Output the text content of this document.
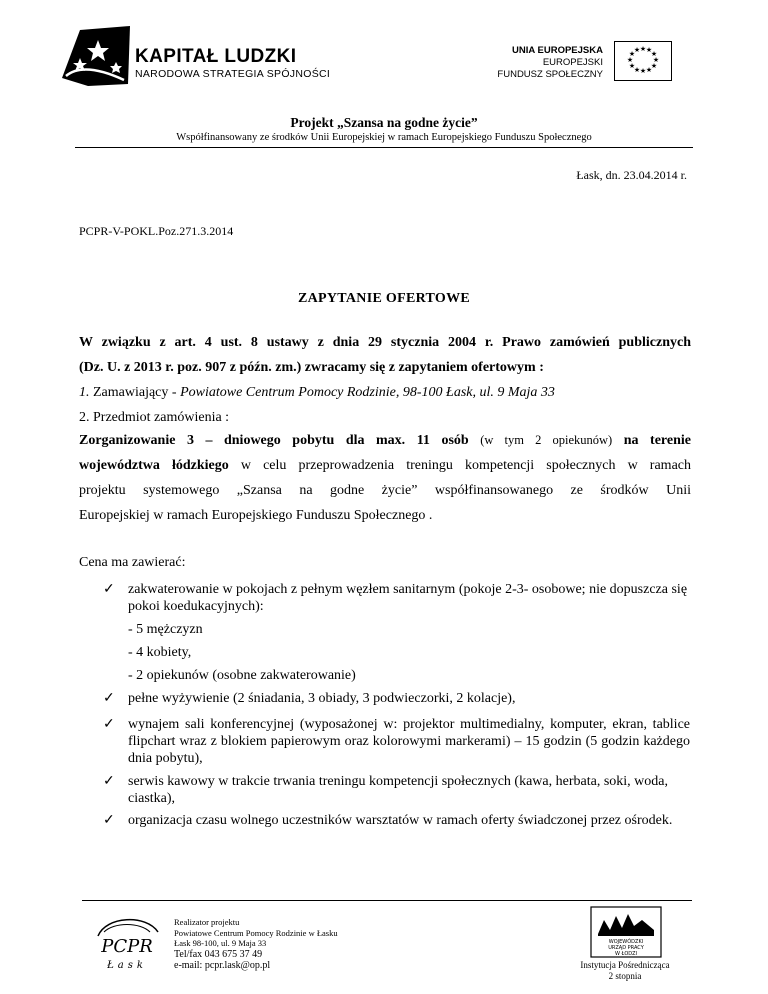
KAPITAŁ LUDZKI
NARODOWA STRATEGIA SPÓJNOŚCI
UNIA EUROPEJSKA
EUROPEJSKI
FUNDUSZ SPOŁECZNY
★ ★
★
★
★
★
★
★
★
★
★
★
Projekt „Szansa na godne życie”
Współfinansowany ze środków Unii Europejskiej w ramach Europejskiego Funduszu Społecznego
Łask, dn. 23.04.2014 r.
PCPR-V-POKL.Poz.271.3.2014
ZAPYTANIE OFERTOWE
W związku z art. 4 ust. 8 ustawy z dnia 29 stycznia 2004 r. Prawo zamówień publicznych
(Dz. U. z 2013 r. poz. 907 z późn. zm.) zwracamy się z zapytaniem ofertowym :
1. Zamawiający - Powiatowe Centrum Pomocy Rodzinie, 98-100 Łask, ul. 9 Maja 33
2. Przedmiot zamówienia :
Zorganizowanie 3 – dniowego pobytu dla max. 11 osób (w tym 2 opiekunów) na terenie
województwa łódzkiego w celu przeprowadzenia treningu kompetencji społecznych w ramach
projektu systemowego „Szansa na godne życie” współfinansowanego ze środków Unii
Europejskiej w ramach Europejskiego Funduszu Społecznego .
Cena ma zawierać:
✓ zakwaterowanie w pokojach z pełnym węzłem sanitarnym (pokoje 2-3- osobowe; nie dopuszcza się pokoi koedukacyjnych):
- 5 mężczyzn
- 4 kobiety,
- 2 opiekunów (osobne zakwaterowanie)
✓ pełne wyżywienie (2 śniadania, 3 obiady, 3 podwieczorki, 2 kolacje),
✓ wynajem sali konferencyjnej (wyposażonej w: projektor multimedialny, komputer, ekran, tablice flipchart wraz z blokiem papierowym oraz kolorowymi markerami) – 15 godzin (5 godzin każdego dnia pobytu),
✓ serwis kawowy w trakcie trwania treningu kompetencji społecznych (kawa, herbata, soki, woda, ciastka),
✓ organizacja czasu wolnego uczestników warsztatów w ramach oferty świadczonej przez ośrodek.
PCPR
Łask
Realizator projektu
Powiatowe Centrum Pomocy Rodzinie w Łasku
Łask 98-100, ul. 9 Maja 33
Tel/fax 043 675 37 49
e-mail: pcpr.lask@op.pl
WOJEWÓDZKI
URZĄD PRACY
W ŁODZI
Instytucja Pośrednicząca
2 stopnia
